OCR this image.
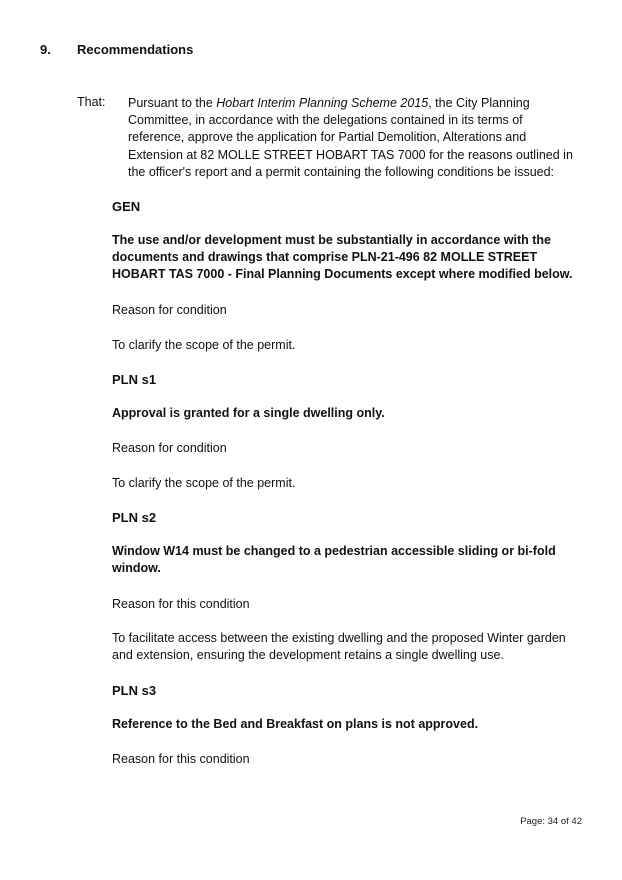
9. Recommendations
That: Pursuant to the Hobart Interim Planning Scheme 2015, the City Planning Committee, in accordance with the delegations contained in its terms of reference, approve the application for Partial Demolition, Alterations and Extension at 82 MOLLE STREET HOBART TAS 7000 for the reasons outlined in the officer's report and a permit containing the following conditions be issued:

GEN
The use and/or development must be substantially in accordance with the documents and drawings that comprise PLN-21-496 82 MOLLE STREET HOBART TAS 7000 - Final Planning Documents except where modified below.
Reason for condition
To clarify the scope of the permit.
PLN s1
Approval is granted for a single dwelling only.
Reason for condition
To clarify the scope of the permit.
PLN s2
Window W14 must be changed to a pedestrian accessible sliding or bi-fold window.
Reason for this condition
To facilitate access between the existing dwelling and the proposed Winter garden and extension, ensuring the development retains a single dwelling use.
PLN s3
Reference to the Bed and Breakfast on plans is not approved.
Reason for this condition
Page: 34 of 42
